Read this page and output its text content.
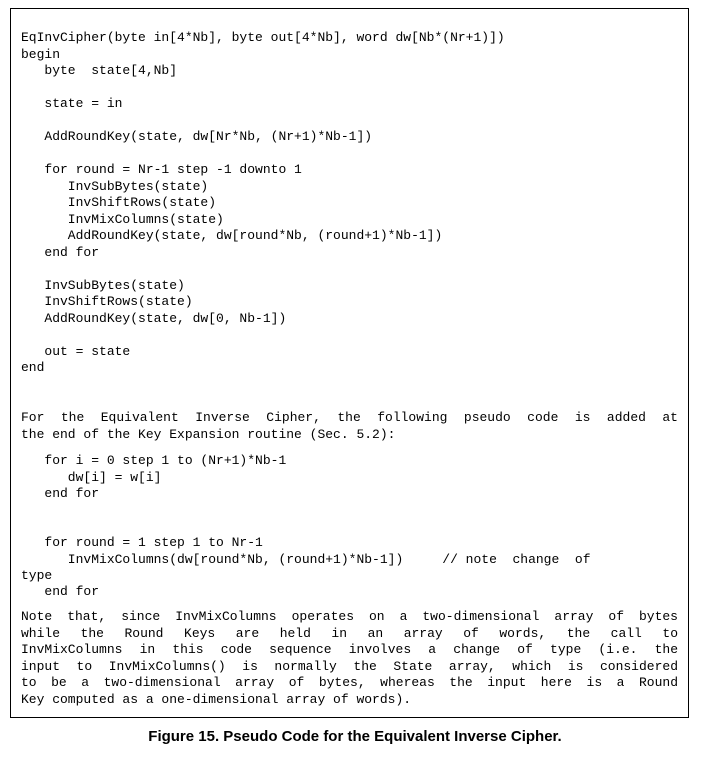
EqInvCipher(byte in[4*Nb], byte out[4*Nb], word dw[Nb*(Nr+1)])
begin
byte  state[4,Nb]
state = in
AddRoundKey(state, dw[Nr*Nb, (Nr+1)*Nb-1])
for round = Nr-1 step -1 downto 1
InvSubBytes(state)
InvShiftRows(state)
InvMixColumns(state)
AddRoundKey(state, dw[round*Nb, (round+1)*Nb-1])
end for
InvSubBytes(state)
InvShiftRows(state)
AddRoundKey(state, dw[0, Nb-1])
out = state
end
For the Equivalent Inverse Cipher, the following pseudo code is added at
the end of the Key Expansion routine (Sec. 5.2):
for i = 0 step 1 to (Nr+1)*Nb-1
dw[i] = w[i]
end for
for round = 1 step 1 to Nr-1
InvMixColumns(dw[round*Nb, (round+1)*Nb-1])     // note  change  of
type
end for
Note that, since InvMixColumns operates on a two-dimensional array of bytes
while the Round Keys are held in an array of words, the call to
InvMixColumns in this code sequence involves a change of type (i.e. the
input to InvMixColumns() is normally the State array, which is considered
to be a two-dimensional array of bytes, whereas the input here is a Round
Key computed as a one-dimensional array of words).
Figure 15. Pseudo Code for the Equivalent Inverse Cipher.
